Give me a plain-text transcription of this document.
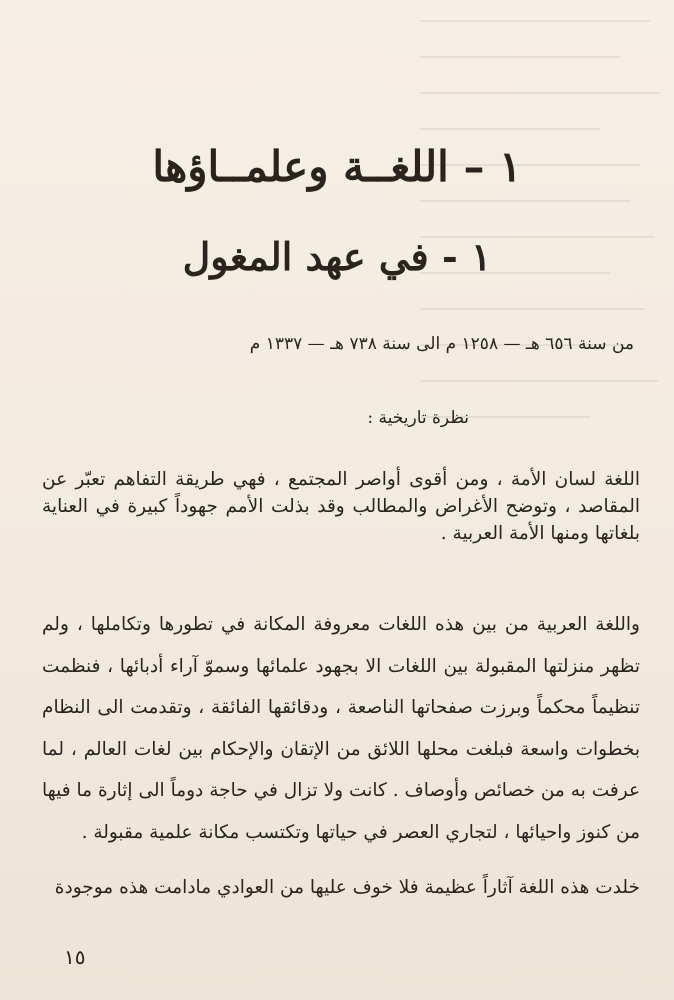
١ – اللغــة وعلمــاؤها
١ - في عهد المغول
من سنة ٦٥٦ هـ — ١٢٥٨ م الى سنة ٧٣٨ هـ — ١٣٣٧ م
نظرة تاريخية :
اللغة لسان الأمة ، ومن أقوى أواصر المجتمع ، فهي طريقة التفاهم تعبّر عن المقاصد ، وتوضح الأغراض والمطالب وقد بذلت الأمم جهوداً كبيرة في العناية بلغاتها ومنها الأمة العربية .
واللغة العربية من بين هذه اللغات معروفة المكانة في تطورها وتكاملها ، ولم تظهر منزلتها المقبولة بين اللغات الا بجهود علمائها وسموّ آراء أدبائها ، فنظمت تنظيماً محكماً وبرزت صفحاتها الناصعة ، ودقائقها الفائقة ، وتقدمت الى النظام بخطوات واسعة فبلغت محلها اللائق من الإتقان والإحكام بين لغات العالم ، لما عرفت به من خصائص وأوصاف . كانت ولا تزال في حاجة دوماً الى إثارة ما فيها من كنوز واحيائها ، لتجاري العصر في حياتها وتكتسب مكانة علمية مقبولة .
خلدت هذه اللغة آثاراً عظيمة فلا خوف عليها من العوادي مادامت هذه موجودة
١٥
